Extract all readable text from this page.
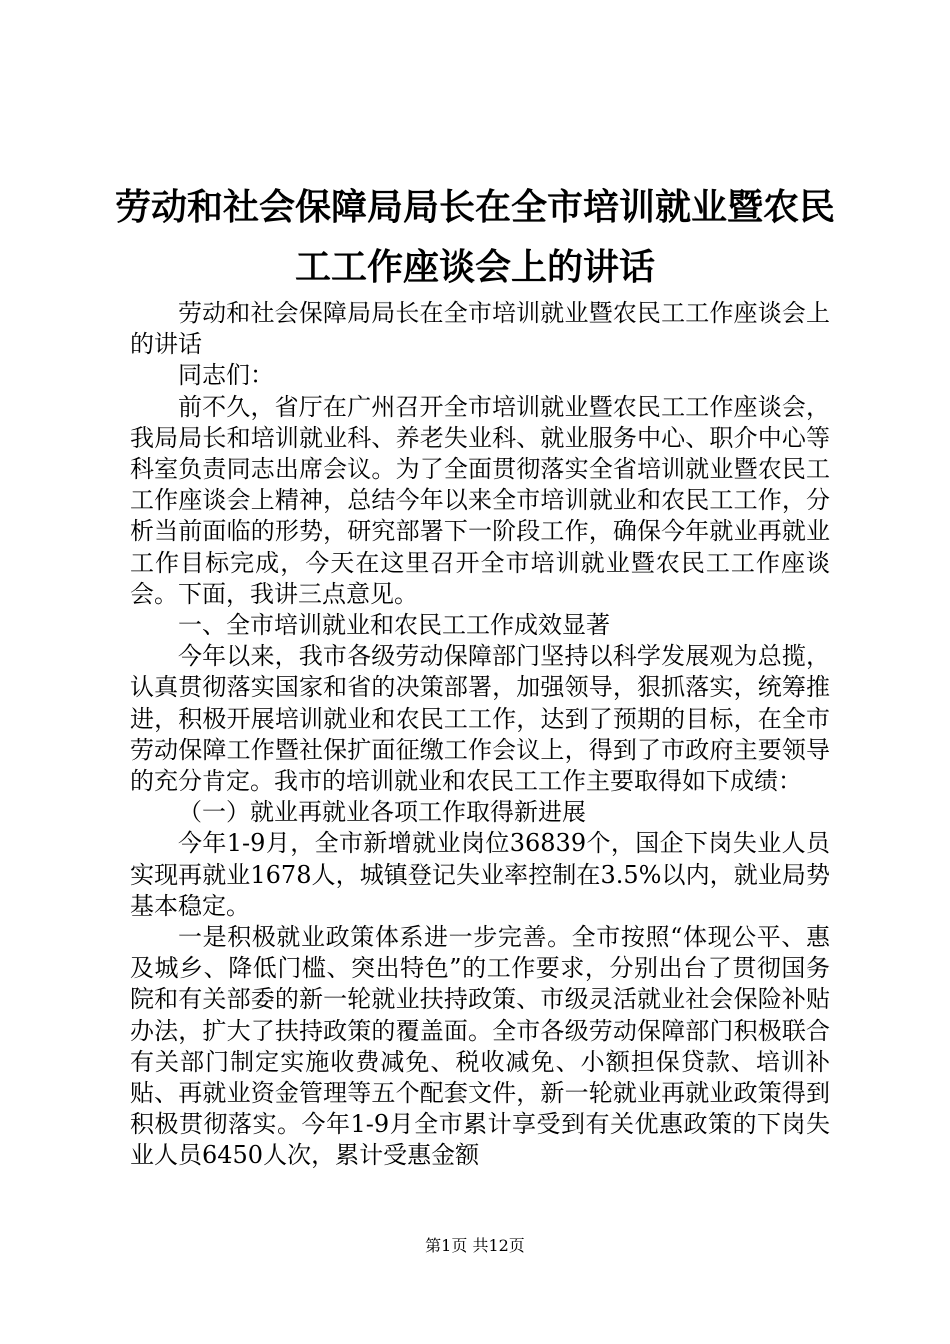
劳动和社会保障局局长在全市培训就业暨农民工工作座谈会上的讲话

劳动和社会保障局局长在全市培训就业暨农民工工作座谈会上的讲话

同志们：

前不久，省厅在广州召开全市培训就业暨农民工工作座谈会，我局局长和培训就业科、养老失业科、就业服务中心、职介中心等科室负责同志出席会议。为了全面贯彻落实全省培训就业暨农民工工作座谈会上精神，总结今年以来全市培训就业和农民工工作，分析当前面临的形势，研究部署下一阶段工作，确保今年就业再就业工作目标完成，今天在这里召开全市培训就业暨农民工工作座谈会。下面，我讲三点意见。

一、全市培训就业和农民工工作成效显著

今年以来，我市各级劳动保障部门坚持以科学发展观为总揽，认真贯彻落实国家和省的决策部署，加强领导，狠抓落实，统筹推进，积极开展培训就业和农民工工作，达到了预期的目标，在全市劳动保障工作暨社保扩面征缴工作会议上，得到了市政府主要领导的充分肯定。我市的培训就业和农民工工作主要取得如下成绩：

（一）就业再就业各项工作取得新进展

今年1-9月，全市新增就业岗位36839个，国企下岗失业人员实现再就业1678人，城镇登记失业率控制在3.5%以内，就业局势基本稳定。

一是积极就业政策体系进一步完善。全市按照“体现公平、惠及城乡、降低门槛、突出特色”的工作要求，分别出台了贯彻国务院和有关部委的新一轮就业扶持政策、市级灵活就业社会保险补贴办法，扩大了扶持政策的覆盖面。全市各级劳动保障部门积极联合有关部门制定实施收费减免、税收减免、小额担保贷款、培训补贴、再就业资金管理等五个配套文件，新一轮就业再就业政策得到积极贯彻落实。今年1-9月全市累计享受到有关优惠政策的下岗失业人员6450人次，累计受惠金额

第1页 共12页
